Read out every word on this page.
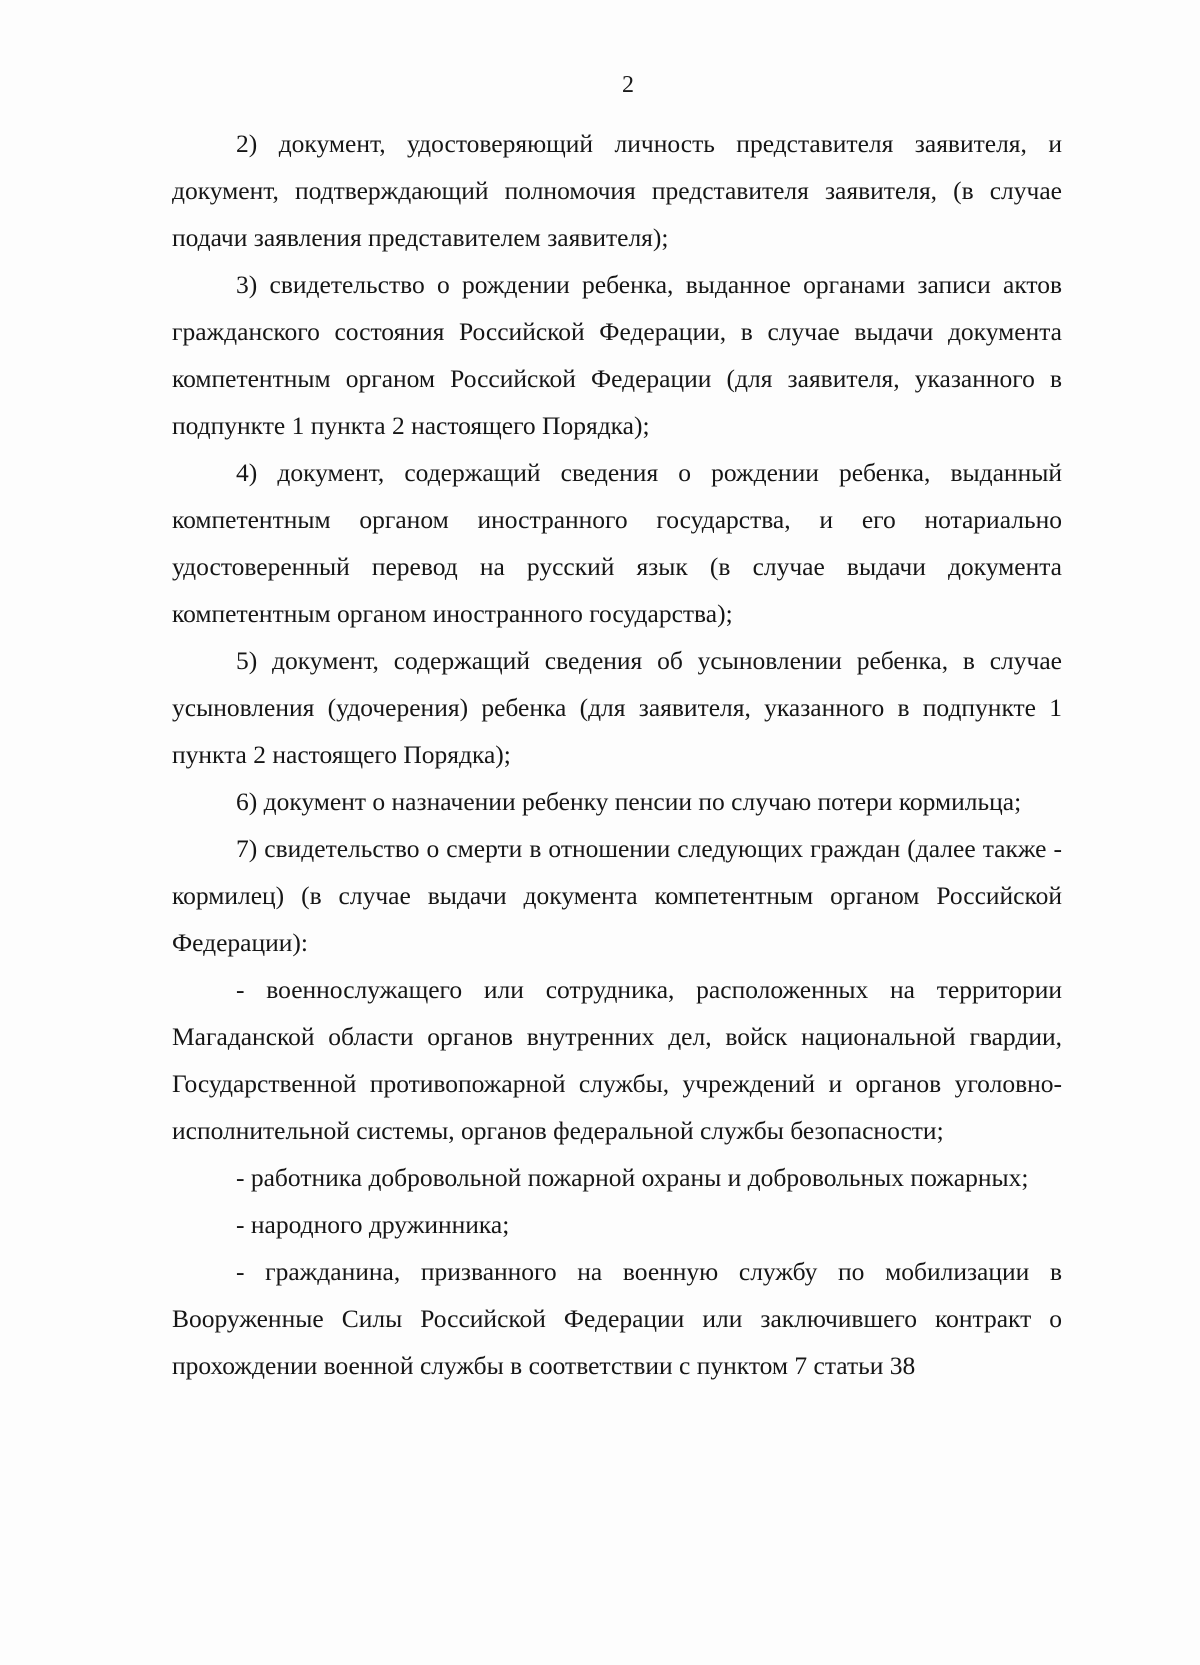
2

2) документ, удостоверяющий личность представителя заявителя, и документ, подтверждающий полномочия представителя заявителя, (в случае подачи заявления представителем заявителя);

3) свидетельство о рождении ребенка, выданное органами записи актов гражданского состояния Российской Федерации, в случае выдачи документа компетентным органом Российской Федерации (для заявителя, указанного в подпункте 1 пункта 2 настоящего Порядка);

4) документ, содержащий сведения о рождении ребенка, выданный компетентным органом иностранного государства, и его нотариально удостоверенный перевод на русский язык (в случае выдачи документа компетентным органом иностранного государства);

5) документ, содержащий сведения об усыновлении ребенка, в случае усыновления (удочерения) ребенка (для заявителя, указанного в подпункте 1 пункта 2 настоящего Порядка);

6) документ о назначении ребенку пенсии по случаю потери кормильца;

7) свидетельство о смерти в отношении следующих граждан (далее также - кормилец) (в случае выдачи документа компетентным органом Российской Федерации):

- военнослужащего или сотрудника, расположенных на территории Магаданской области органов внутренних дел, войск национальной гвардии, Государственной противопожарной службы, учреждений и органов уголовно-исполнительной системы, органов федеральной службы безопасности;

- работника добровольной пожарной охраны и добровольных пожарных;

- народного дружинника;

- гражданина, призванного на военную службу по мобилизации в Вооруженные Силы Российской Федерации или заключившего контракт о прохождении военной службы в соответствии с пунктом 7 статьи 38
